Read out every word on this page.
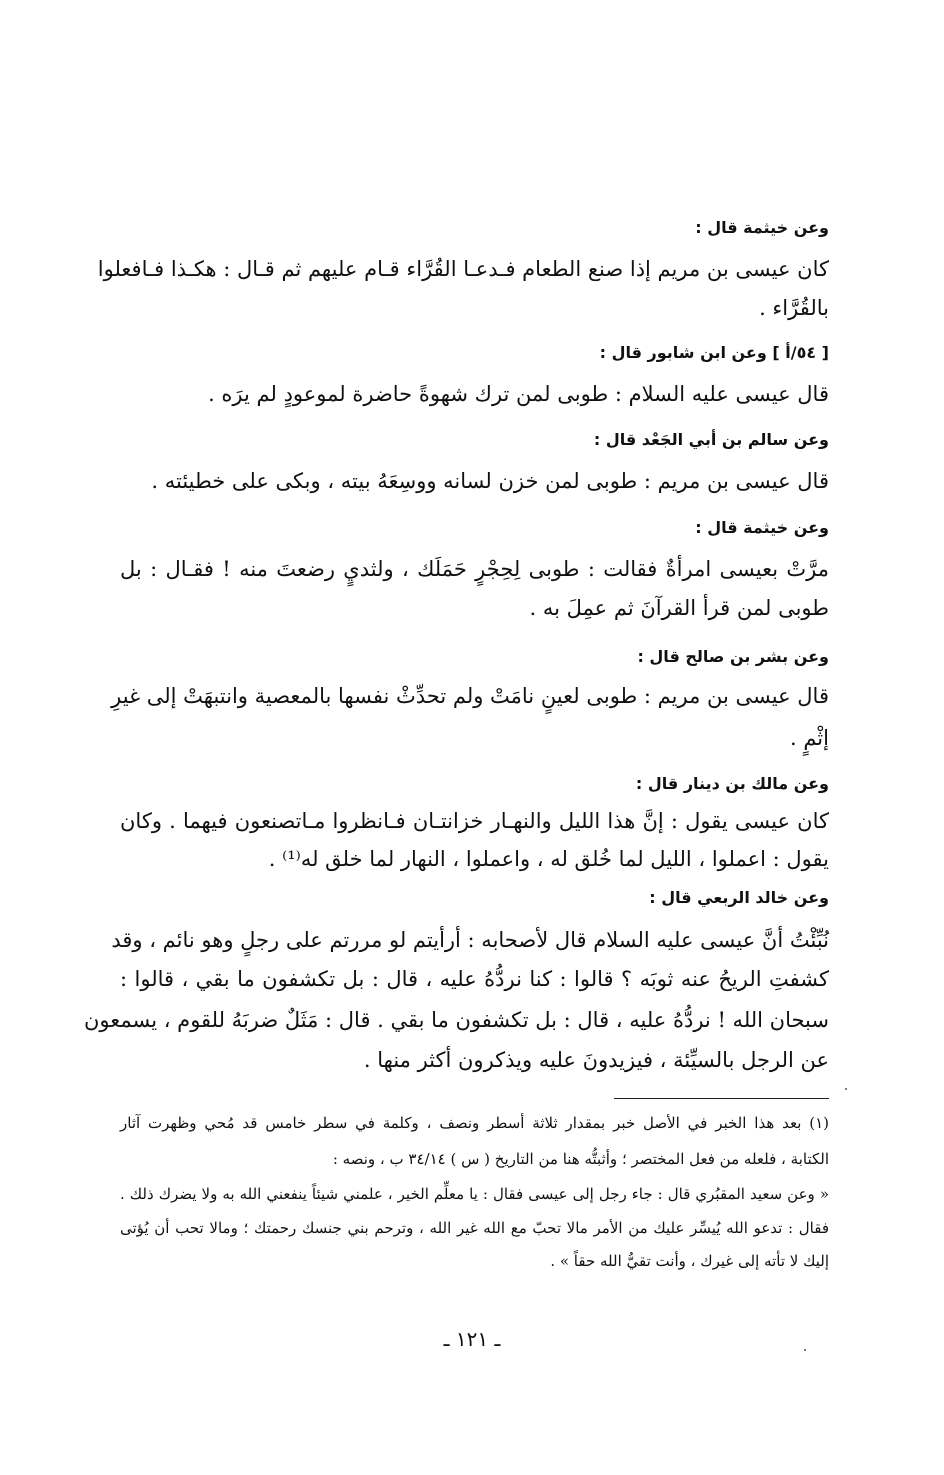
وعن خيثمة قال :
كان عيسى بن مريم إذا صنع الطعام فـدعـا القُرَّاء قـام عليهم ثم قـال : هكـذا فـافعلوا
بالقُرَّاء .
[ ٥٤/أ ] وعن ابن شابور قال :
قال عيسى عليه السلام : طوبى لمن ترك شهوةً حاضرة لموعودٍ لم يرَه .
وعن سالم بن أبي الجَعْد قال :
قال عيسى بن مريم : طوبى لمن خزن لسانه ووسِعَهُ بيته ، وبكى على خطيئته .
وعن خيثمة قال :
مرَّتْ بعيسى امرأةٌ فقالت : طوبى لِحِجْرٍ حَمَلَك ، ولثديٍ رضعتَ منه ! فقـال : بل
طوبى لمن قرأ القرآنَ ثم عمِلَ به .
وعن بشر بن صالح قال :
قال عيسى بن مريم : طوبى لعينٍ نامَتْ ولم تحدِّثْ نفسها بالمعصية وانتبهَتْ إلى غيرِ
إثْمٍ .
وعن مالك بن دينار قال :
كان عيسى يقول : إنَّ هذا الليل والنهـار خزانتـان فـانظروا مـاتصنعون فيهما . وكان
يقول : اعملوا ، الليل لما خُلق له ، واعملوا ، النهار لما خلق له⁽¹⁾ .
وعن خالد الربعي قال :
نُبِّئْتُ أنَّ عيسى عليه السلام قال لأصحابه : أرأيتم لو مررتم على رجلٍ وهو نائم ، وقد
كشفتِ الريحُ عنه ثوبَه ؟ قالوا : كنا نردُّهُ عليه ، قال : بل تكشفون ما بقي ، قالوا :
سبحان الله ! نردُّهُ عليه ، قال : بل تكشفون ما بقي . قال : مَثَلٌ ضربَهُ للقوم ، يسمعون
عن الرجل بالسيِّئة ، فيزيدونَ عليه ويذكرون أكثر منها .
(١) بعد هذا الخبر في الأصل خبر بمقدار ثلاثة أسطر ونصف ، وكلمة في سطر خامس قد مُحي وظهرت آثار
الكتابة ، فلعله من فعل المختصر ؛ وأثبتُّه هنا من التاريخ ( س ) ٣٤/١٤ ب ، ونصه :
« وعن سعيد المقبُري قال : جاء رجل إلى عيسى فقال : يا معلِّم الخير ، علمني شيئاً ينفعني الله به ولا يضرك ذلك .
فقال : تدعو الله يُيسِّر عليك من الأمر مالا تحبّ مع الله غير الله ، وترحم بني جنسك رحمتك ؛ ومالا تحب أن يُؤتى
إليك لا تأته إلى غيرك ، وأنت تقيُّ الله حقاً » .
ـ ١٢١ ـ
